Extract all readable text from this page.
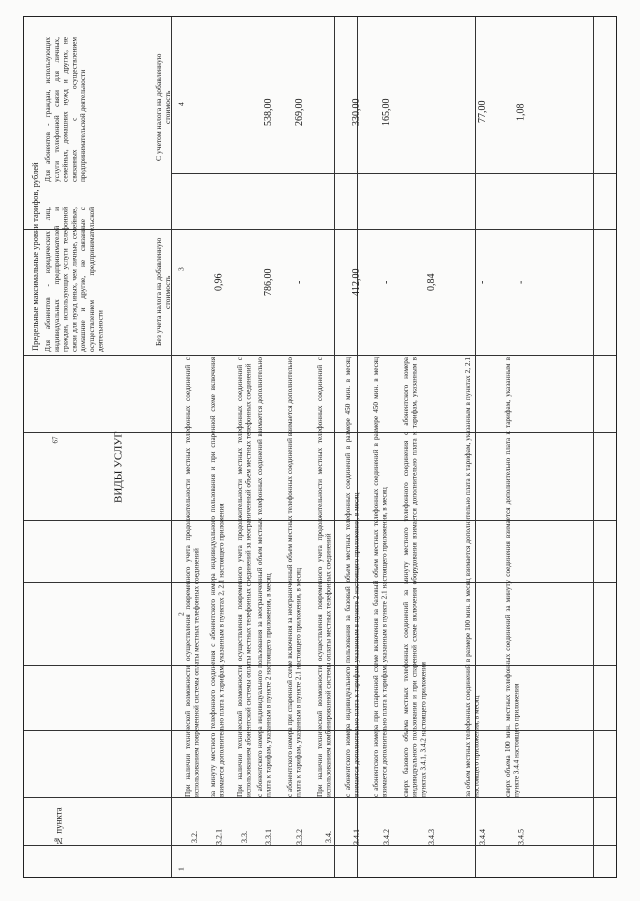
67
№ пункта
ВИДЫ УСЛУГ
Предельные максимальные уровни тарифов, рублей Для абонентов - юридических лиц, индивидуальных предпринимателей и граждан, использующих услуги телефонной связи для нужд иных, чем личные, семейные, домашние и другие, не связанные с осуществлением предпринимательской деятельности
Для абонентов - граждан, использующих услуги телефонной связи для личных, семейных, домашних нужд и других, не связанных с осуществлением предпринимательской деятельности
Без учета налога на добавленную стоимость
С учетом налога на добавленную стоимость
1
2
3
4
3.2.
При наличии технической возможности осуществления повременного учета продолжительности местных телефонных соединений с использованием повременной системы оплаты местных телефонных соединений
3.2.1
за минуту местного телефонного соединения с абонентского номера индивидуального пользования и при спаренной схеме включения взимается дополнительно плата к тарифам, указанным в пунктах 2, 2.1 настоящего приложения
0,96
3.3.
При наличии технической возможности осуществления повременного учета продолжительности местных телефонных соединений с использованием абонентской системы оплаты местных телефонных соединений за неограниченный объем местных телефонных соединений
3.3.1
с абонентского номера индивидуального пользования за неограниченный объем местных телефонных соединений взимается дополнительно плата к тарифам, указанным в пункте 2 настоящего приложения, в месяц
786,00
538,00
3.3.2
с абонентского номера при спаренной схеме включения за неограниченный объем местных телефонных соединений взимается дополнительно плата к тарифам, указанным в пункте 2.1 настоящего приложения, в месяц
-
269,00
3.4.
При наличии технической возможности осуществления повременного учета продолжительности местных телефонных соединений с использованием комбинированной системы оплаты местных телефонных соединений
3.4.1
с абонентского номера индивидуального пользования за базовый объем местных телефонных соединений в размере 450 мин. в месяц взимается дополнительно плата к тарифам, указанным в пункте 2 настоящего приложения, в месяц
412,00
330,00
3.4.2
с абонентского номера при спаренной схеме включения за базовый объем местных телефонных соединений в размере 450 мин. в месяц взимается дополнительно плата к тарифам, указанным в пункте 2.1 настоящего приложения, в месяц
-
165,00
3.4.3
сверх базового объема местных телефонных соединений за минуту местного телефонного соединения с абонентского номера индивидуального пользования и при спаренной схеме включения оборудования взимается дополнительно плата к тарифам, указанным в пунктах 3.4.1, 3.4.2 настоящего приложения
0,84
3.4.4
за объем местных телефонных соединений в размере 100 мин. в месяц взимается дополнительно плата к тарифам, указанным в пунктах 2, 2.1 настоящего приложения, в месяц
-
77,00
3.4.5
сверх объема 100 мин. местных телефонных соединений за минуту соединения взимается дополнительно плата к тарифам, указанным в пункте 3.4.4 настоящего приложения
-
1,08
